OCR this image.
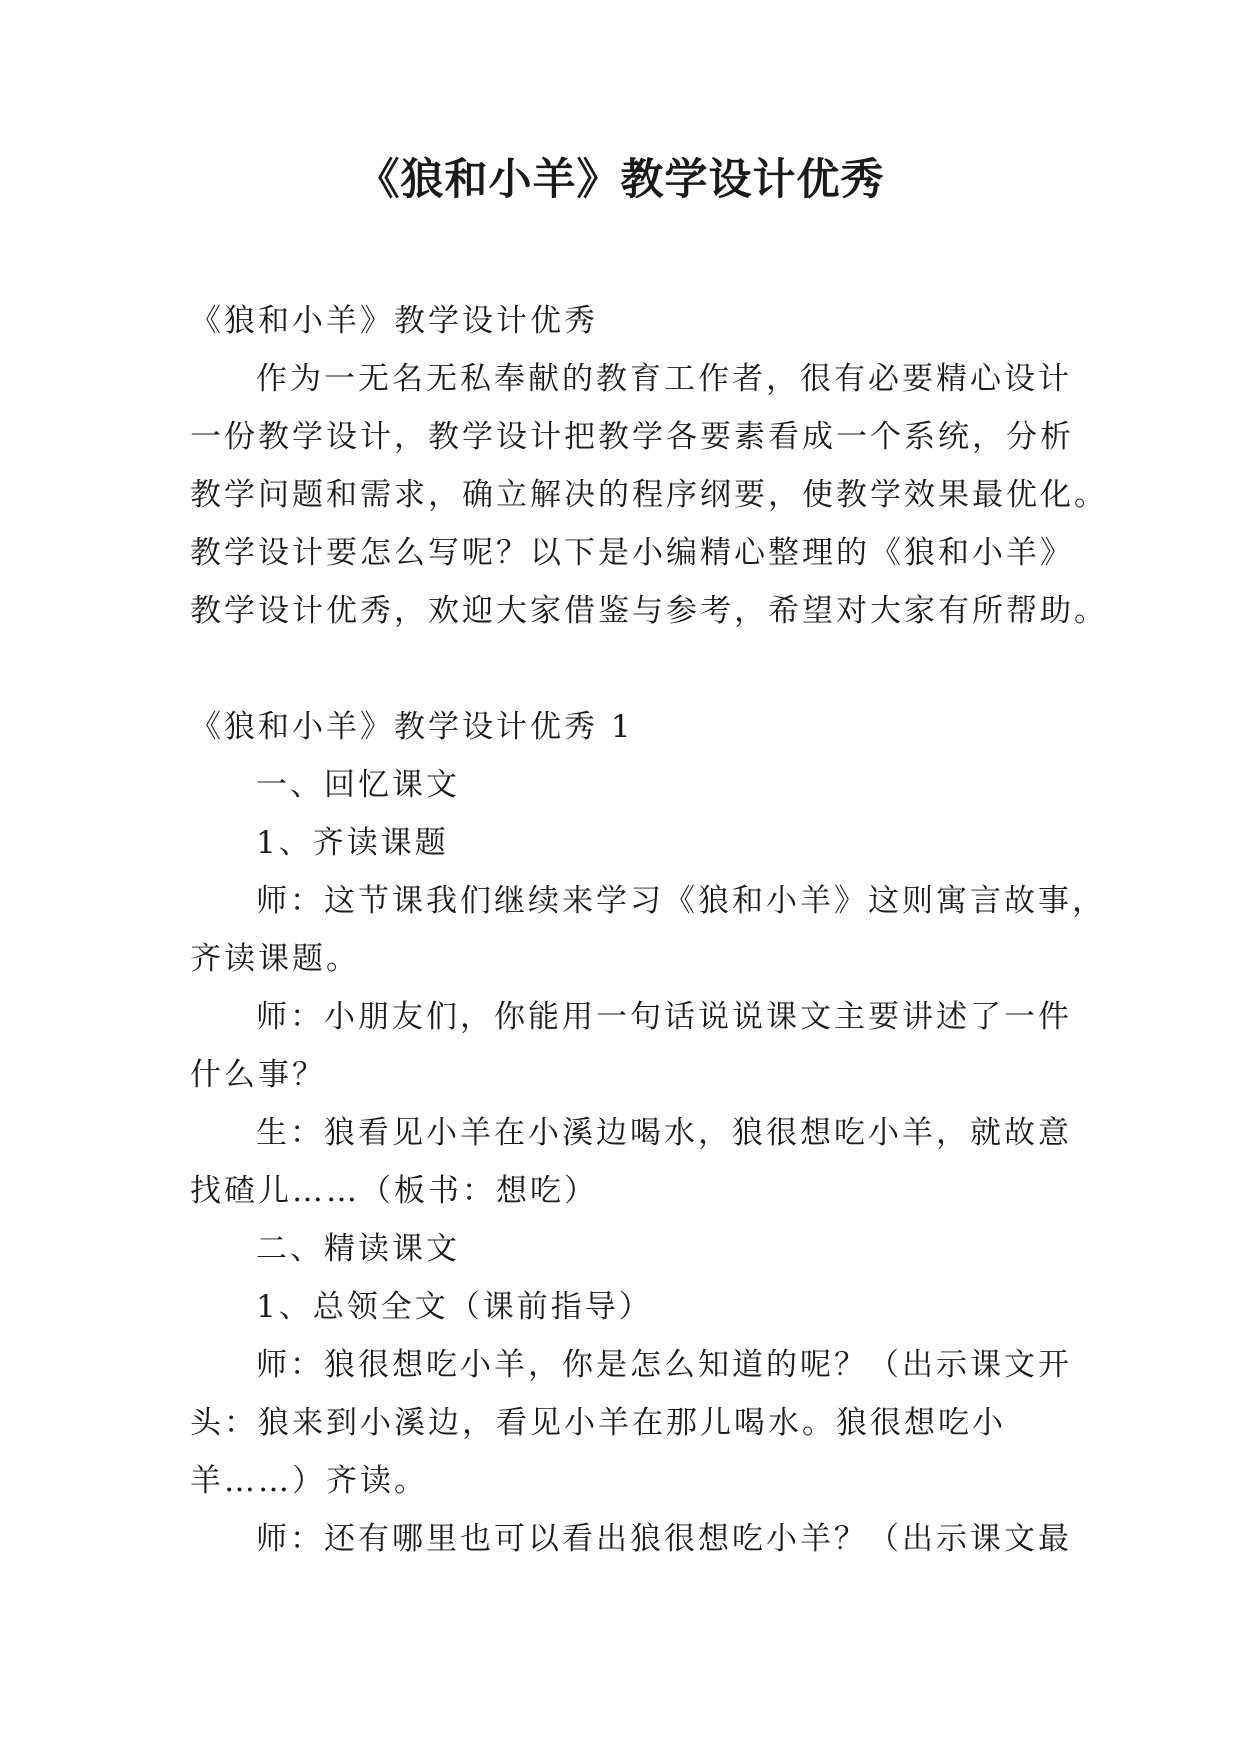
《狼和小羊》教学设计优秀
《狼和小羊》教学设计优秀
作为一无名无私奉献的教育工作者，很有必要精心设计
一份教学设计，教学设计把教学各要素看成一个系统，分析
教学问题和需求，确立解决的程序纲要，使教学效果最优化。
教学设计要怎么写呢？以下是小编精心整理的《狼和小羊》
教学设计优秀，欢迎大家借鉴与参考，希望对大家有所帮助。
《狼和小羊》教学设计优秀 1
一、回忆课文
1、齐读课题
师：这节课我们继续来学习《狼和小羊》这则寓言故事，
齐读课题。
师：小朋友们，你能用一句话说说课文主要讲述了一件
什么事？
生：狼看见小羊在小溪边喝水，狼很想吃小羊，就故意
找碴儿……（板书：想吃）
二、精读课文
1、总领全文（课前指导）
师：狼很想吃小羊，你是怎么知道的呢？（出示课文开
头：狼来到小溪边，看见小羊在那儿喝水。狼很想吃小
羊……）齐读。
师：还有哪里也可以看出狼很想吃小羊？（出示课文最
